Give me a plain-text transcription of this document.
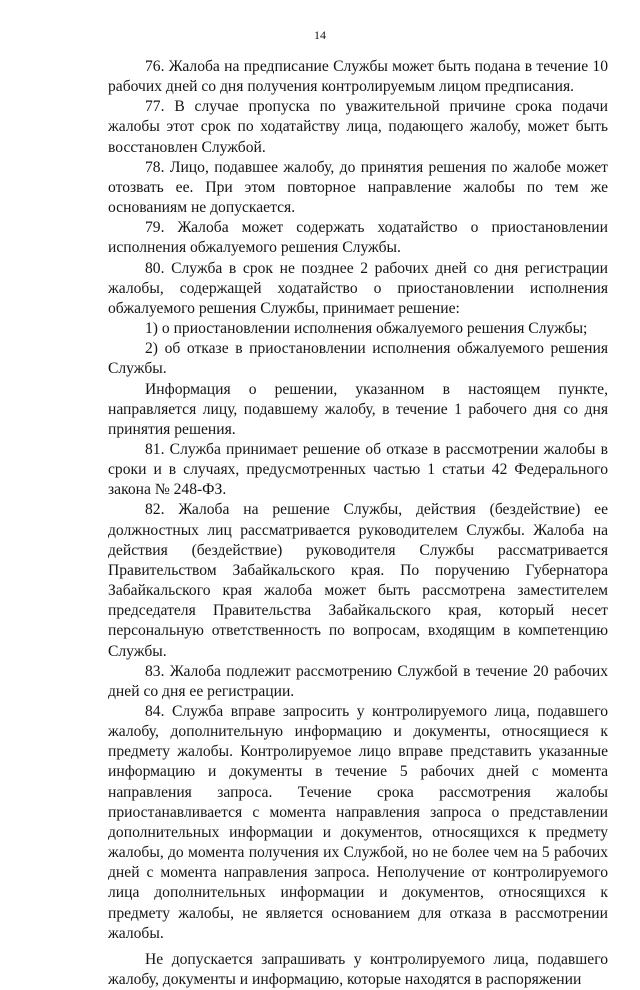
14

76. Жалоба на предписание Службы может быть подана в течение 10 рабочих дней со дня получения контролируемым лицом предписания.

77. В случае пропуска по уважительной причине срока подачи жалобы этот срок по ходатайству лица, подающего жалобу, может быть восстановлен Службой.

78. Лицо, подавшее жалобу, до принятия решения по жалобе может отозвать ее. При этом повторное направление жалобы по тем же основаниям не допускается.

79. Жалоба может содержать ходатайство о приостановлении исполнения обжалуемого решения Службы.

80. Служба в срок не позднее 2 рабочих дней со дня регистрации жалобы, содержащей ходатайство о приостановлении исполнения обжалуемого решения Службы, принимает решение:

1) о приостановлении исполнения обжалуемого решения Службы;

2) об отказе в приостановлении исполнения обжалуемого решения Службы.

Информация о решении, указанном в настоящем пункте, направляется лицу, подавшему жалобу, в течение 1 рабочего дня со дня принятия решения.

81. Служба принимает решение об отказе в рассмотрении жалобы в сроки и в случаях, предусмотренных частью 1 статьи 42 Федерального закона № 248-ФЗ.

82. Жалоба на решение Службы, действия (бездействие) ее должностных лиц рассматривается руководителем Службы. Жалоба на действия (бездействие) руководителя Службы рассматривается Правительством Забайкальского края. По поручению Губернатора Забайкальского края жалоба может быть рассмотрена заместителем председателя Правительства Забайкальского края, который несет персональную ответственность по вопросам, входящим в компетенцию Службы.

83. Жалоба подлежит рассмотрению Службой в течение 20 рабочих дней со дня ее регистрации.

84. Служба вправе запросить у контролируемого лица, подавшего жалобу, дополнительную информацию и документы, относящиеся к предмету жалобы. Контролируемое лицо вправе представить указанные информацию и документы в течение 5 рабочих дней с момента направления запроса. Течение срока рассмотрения жалобы приостанавливается с момента направления запроса о представлении дополнительных информации и документов, относящихся к предмету жалобы, до момента получения их Службой, но не более чем на 5 рабочих дней с момента направления запроса. Неполучение от контролируемого лица дополнительных информации и документов, относящихся к предмету жалобы, не является основанием для отказа в рассмотрении жалобы.

Не допускается запрашивать у контролируемого лица, подавшего жалобу, документы и информацию, которые находятся в распоряжении
